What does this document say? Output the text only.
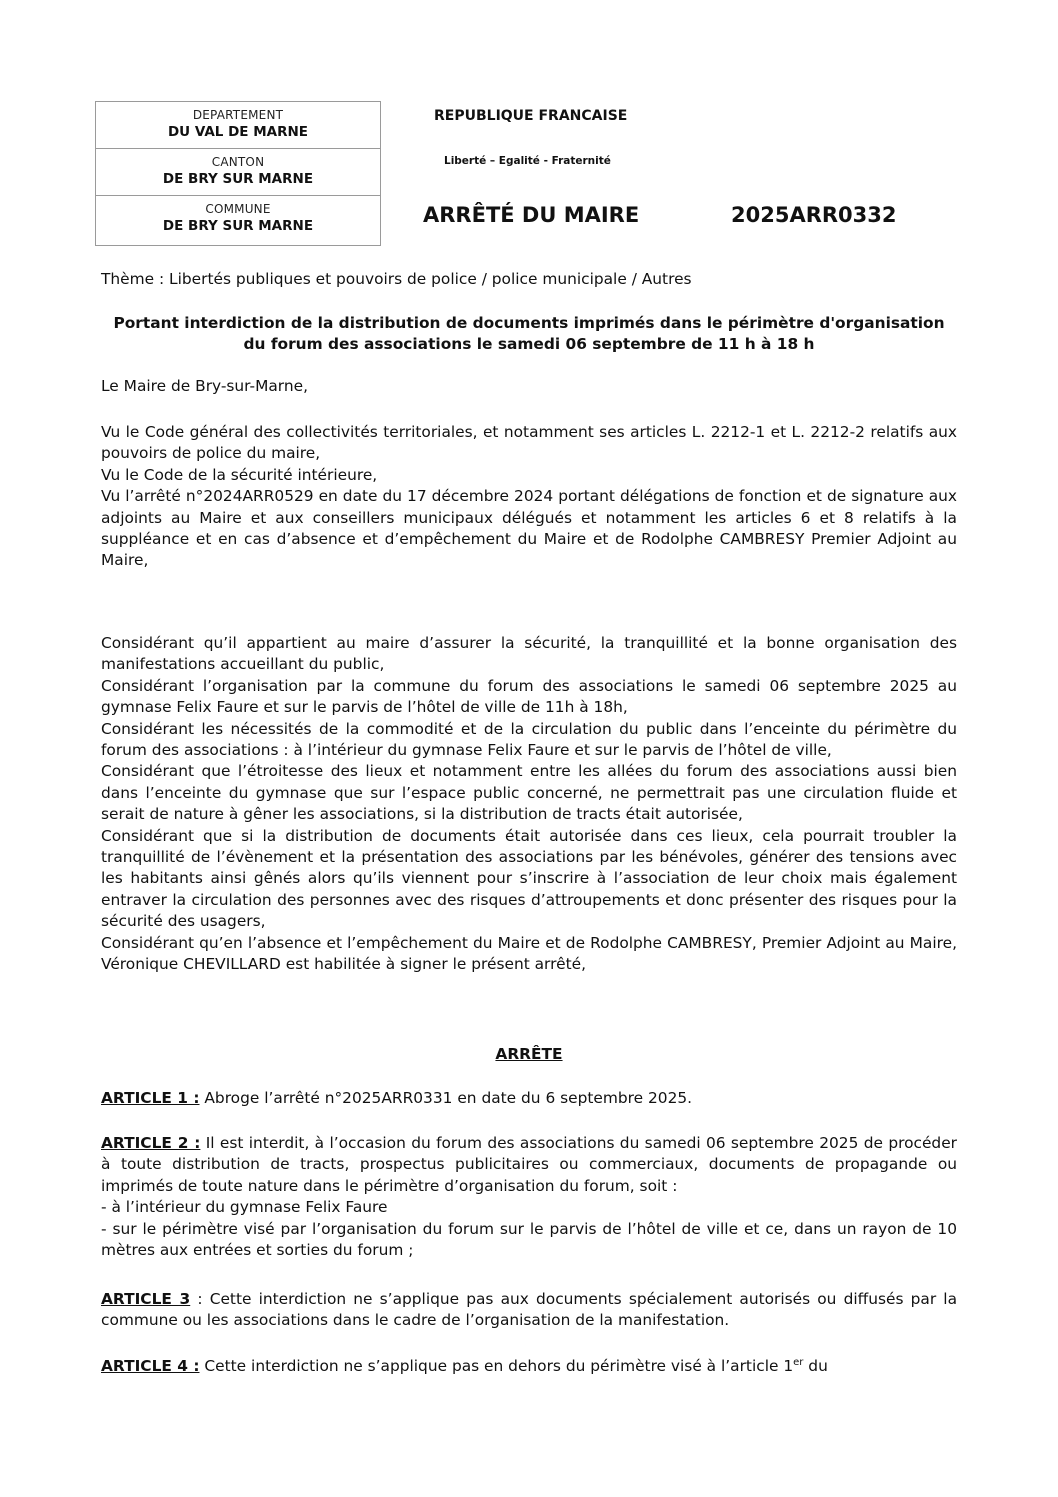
DEPARTEMENT
DU VAL DE MARNE
CANTON
DE BRY SUR MARNE
COMMUNE
DE BRY SUR MARNE
REPUBLIQUE FRANCAISE
Liberté – Egalité - Fraternité
ARRÊTÉ DU MAIRE	2025ARR0332
Thème : Libertés publiques et pouvoirs de police / police municipale / Autres
Portant interdiction de la distribution de documents imprimés dans le périmètre d'organisation du forum des associations le samedi 06 septembre de 11 h à 18 h
Le Maire de Bry-sur-Marne,

Vu le Code général des collectivités territoriales, et notamment ses articles L. 2212-1 et L. 2212-2 relatifs aux pouvoirs de police du maire,

Vu le Code de la sécurité intérieure,

Vu l’arrêté n°2024ARR0529 en date du 17 décembre 2024 portant délégations de fonction et de signature aux adjoints au Maire et aux conseillers municipaux délégués et notamment les articles 6 et 8 relatifs à la suppléance et en cas d’absence et d’empêchement du Maire et de Rodolphe CAMBRESY Premier Adjoint au Maire,

Considérant qu’il appartient au maire d’assurer la sécurité, la tranquillité et la bonne organisation des manifestations accueillant du public,

Considérant l’organisation par la commune du forum des associations le samedi 06 septembre 2025 au gymnase Felix Faure et sur le parvis de l’hôtel de ville de 11h à 18h,

Considérant les nécessités de la commodité et de la circulation du public dans l’enceinte du périmètre du forum des associations : à l’intérieur du gymnase Felix Faure et sur le parvis de l’hôtel de ville,

Considérant que l’étroitesse des lieux et notamment entre les allées du forum des associations aussi bien dans l’enceinte du gymnase que sur l’espace public concerné, ne permettrait pas une circulation fluide et serait de nature à gêner les associations, si la distribution de tracts était autorisée,

Considérant que si la distribution de documents était autorisée dans ces lieux, cela pourrait troubler la tranquillité de l’évènement et la présentation des associations par les bénévoles, générer des tensions avec les habitants ainsi gênés alors qu’ils viennent pour s’inscrire à l’association de leur choix mais également entraver la circulation des personnes avec des risques d’attroupements et donc présenter des risques pour la sécurité des usagers,

Considérant qu’en l’absence et l’empêchement du Maire et de Rodolphe CAMBRESY, Premier Adjoint au Maire, Véronique CHEVILLARD est habilitée à signer le présent arrêté,

ARRÊTE

ARTICLE 1 : Abroge l’arrêté n°2025ARR0331 en date du 6 septembre 2025.

ARTICLE 2 : Il est interdit, à l’occasion du forum des associations du samedi 06 septembre 2025 de procéder à toute distribution de tracts, prospectus publicitaires ou commerciaux, documents de propagande ou imprimés de toute nature dans le périmètre d’organisation du forum, soit :

- à l’intérieur du gymnase Felix Faure
- sur le périmètre visé par l’organisation du forum sur le parvis de l’hôtel de ville et ce, dans un rayon de 10 mètres aux entrées et sorties du forum ;

ARTICLE 3 : Cette interdiction ne s’applique pas aux documents spécialement autorisés ou diffusés par la commune ou les associations dans le cadre de l’organisation de la manifestation.

ARTICLE 4 : Cette interdiction ne s’applique pas en dehors du périmètre visé à l’article 1er du
